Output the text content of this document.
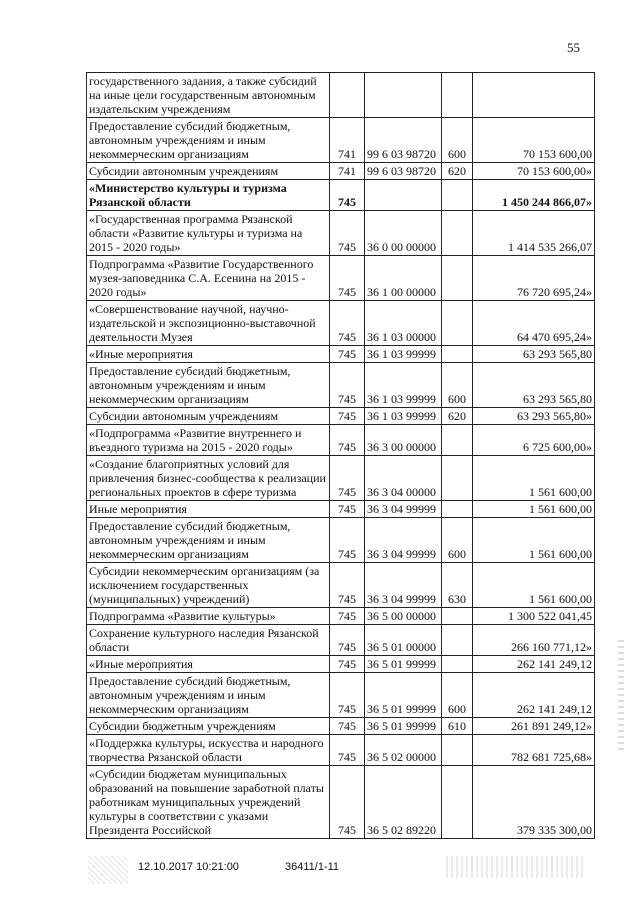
55
государственного задания, а также субсидий на иные цели государственным автономным издательским учреждениям				
Предоставление субсидий бюджетным, автономным учреждениям и иным некоммерческим организациям	741	99 6 03 98720	600	70 153 600,00
Субсидии автономным учреждениям	741	99 6 03 98720	620	70 153 600,00»
«Министерство культуры и туризма Рязанской области	745			1 450 244 866,07»
«Государственная программа Рязанской области «Развитие культуры и туризма на 2015 - 2020 годы»	745	36 0 00 00000		1 414 535 266,07
Подпрограмма «Развитие Государственного музея-заповедника С.А. Есенина на 2015 - 2020 годы»	745	36 1 00 00000		76 720 695,24»
«Совершенствование научной, научно-издательской и экспозиционно-выставочной деятельности Музея	745	36 1 03 00000		64 470 695,24»
«Иные мероприятия	745	36 1 03 99999		63 293 565,80
Предоставление субсидий бюджетным, автономным учреждениям и иным некоммерческим организациям	745	36 1 03 99999	600	63 293 565,80
Субсидии автономным учреждениям	745	36 1 03 99999	620	63 293 565,80»
«Подпрограмма «Развитие внутреннего и въездного туризма на 2015 - 2020 годы»	745	36 3 00 00000		6 725 600,00»
«Создание благоприятных условий для привлечения бизнес-сообщества к реализации региональных проектов в сфере туризма	745	36 3 04 00000		1 561 600,00
Иные мероприятия	745	36 3 04 99999		1 561 600,00
Предоставление субсидий бюджетным, автономным учреждениям и иным некоммерческим организациям	745	36 3 04 99999	600	1 561 600,00
Субсидии некоммерческим организациям (за исключением государственных (муниципальных) учреждений)	745	36 3 04 99999	630	1 561 600,00
Подпрограмма «Развитие культуры»	745	36 5 00 00000		1 300 522 041,45
Сохранение культурного наследия Рязанской области	745	36 5 01 00000		266 160 771,12»
«Иные мероприятия	745	36 5 01 99999		262 141 249,12
Предоставление субсидий бюджетным, автономным учреждениям и иным некоммерческим организациям	745	36 5 01 99999	600	262 141 249,12
Субсидии бюджетным учреждениям	745	36 5 01 99999	610	261 891 249,12»
«Поддержка культуры, искусства и народного творчества Рязанской области	745	36 5 02 00000		782 681 725,68»
«Субсидии бюджетам муниципальных образований на повышение заработной платы работникам муниципальных учреждений культуры в соответствии с указами Президента Российской	745	36 5 02 89220		379 335 300,00
12.10.2017 10:21:00	36411/1-11
